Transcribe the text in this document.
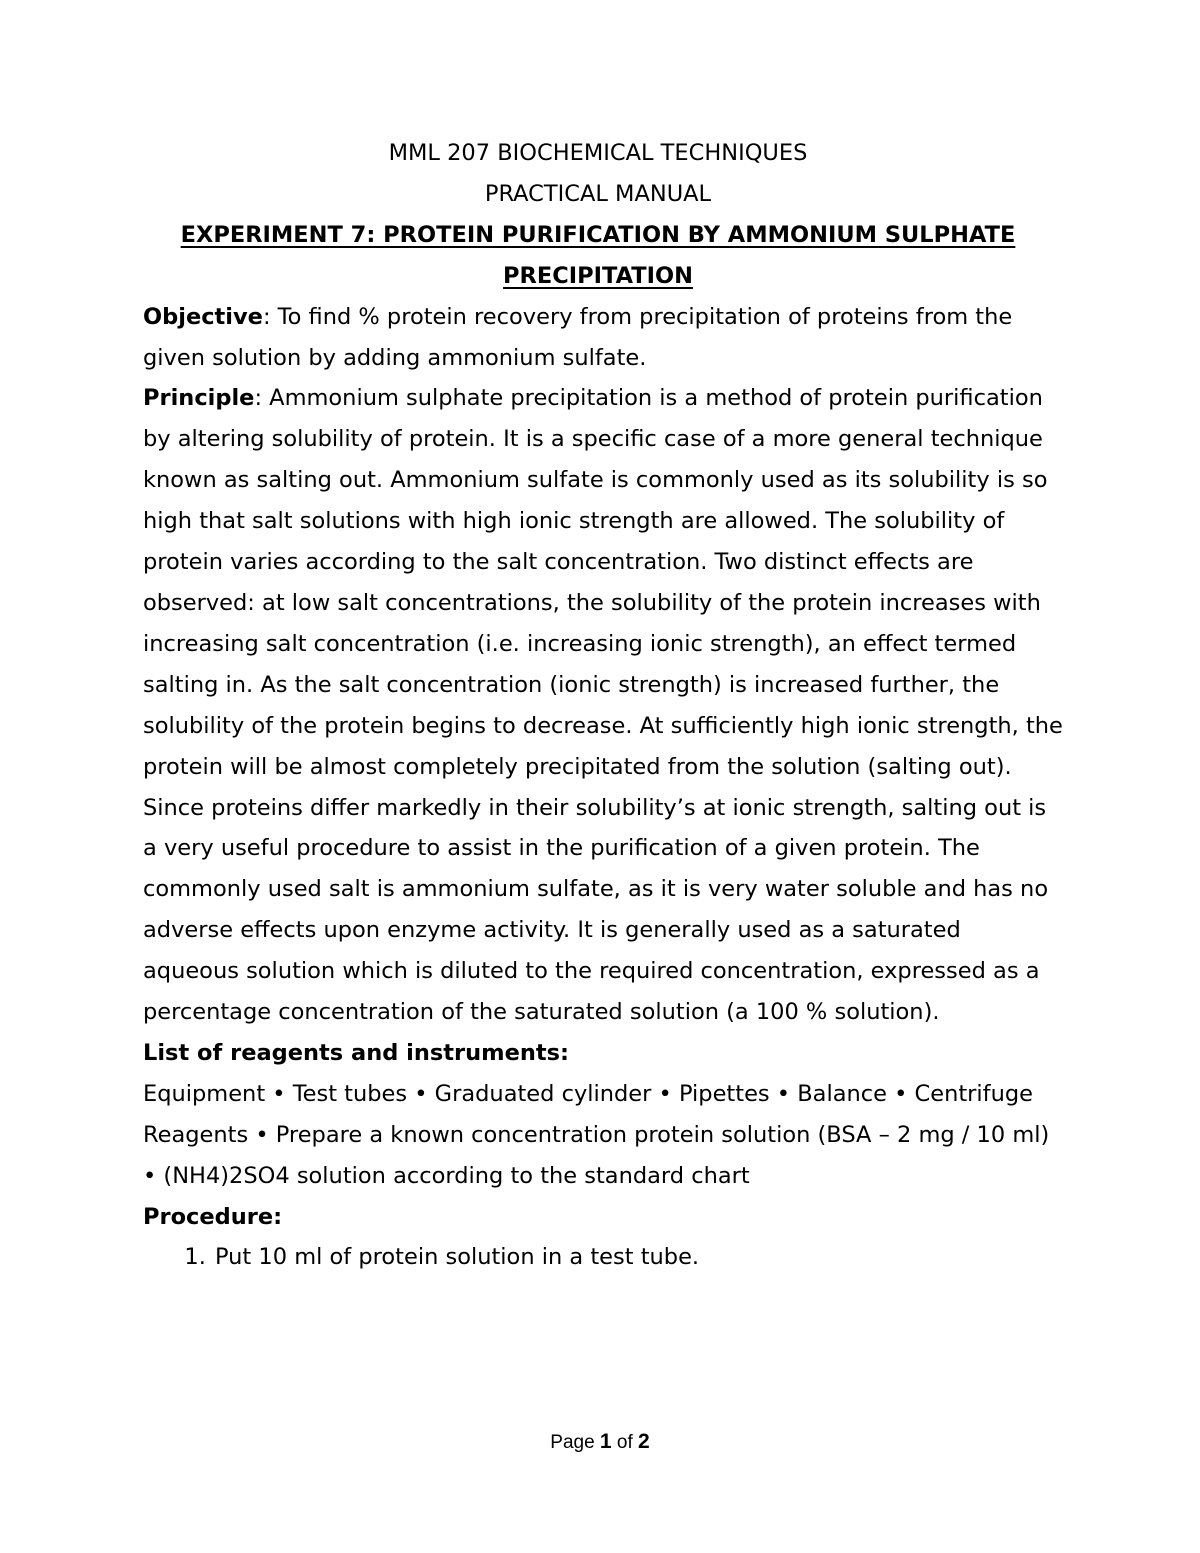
MML 207 BIOCHEMICAL TECHNIQUES

PRACTICAL MANUAL

EXPERIMENT 7: PROTEIN PURIFICATION BY AMMONIUM SULPHATE PRECIPITATION

Objective: To find % protein recovery from precipitation of proteins from the given solution by adding ammonium sulfate.

Principle: Ammonium sulphate precipitation is a method of protein purification by altering solubility of protein. It is a specific case of a more general technique known as salting out. Ammonium sulfate is commonly used as its solubility is so high that salt solutions with high ionic strength are allowed. The solubility of protein varies according to the salt concentration. Two distinct effects are observed: at low salt concentrations, the solubility of the protein increases with increasing salt concentration (i.e. increasing ionic strength), an effect termed salting in. As the salt concentration (ionic strength) is increased further, the solubility of the protein begins to decrease. At sufficiently high ionic strength, the protein will be almost completely precipitated from the solution (salting out). Since proteins differ markedly in their solubility’s at ionic strength, salting out is a very useful procedure to assist in the purification of a given protein. The commonly used salt is ammonium sulfate, as it is very water soluble and has no adverse effects upon enzyme activity. It is generally used as a saturated aqueous solution which is diluted to the required concentration, expressed as a percentage concentration of the saturated solution (a 100 % solution).

List of reagents and instruments:

Equipment • Test tubes • Graduated cylinder • Pipettes • Balance • Centrifuge

Reagents • Prepare a known concentration protein solution (BSA – 2 mg / 10 ml) • (NH4)2SO4 solution according to the standard chart

Procedure:

1. Put 10 ml of protein solution in a test tube.
Page 1 of 2
